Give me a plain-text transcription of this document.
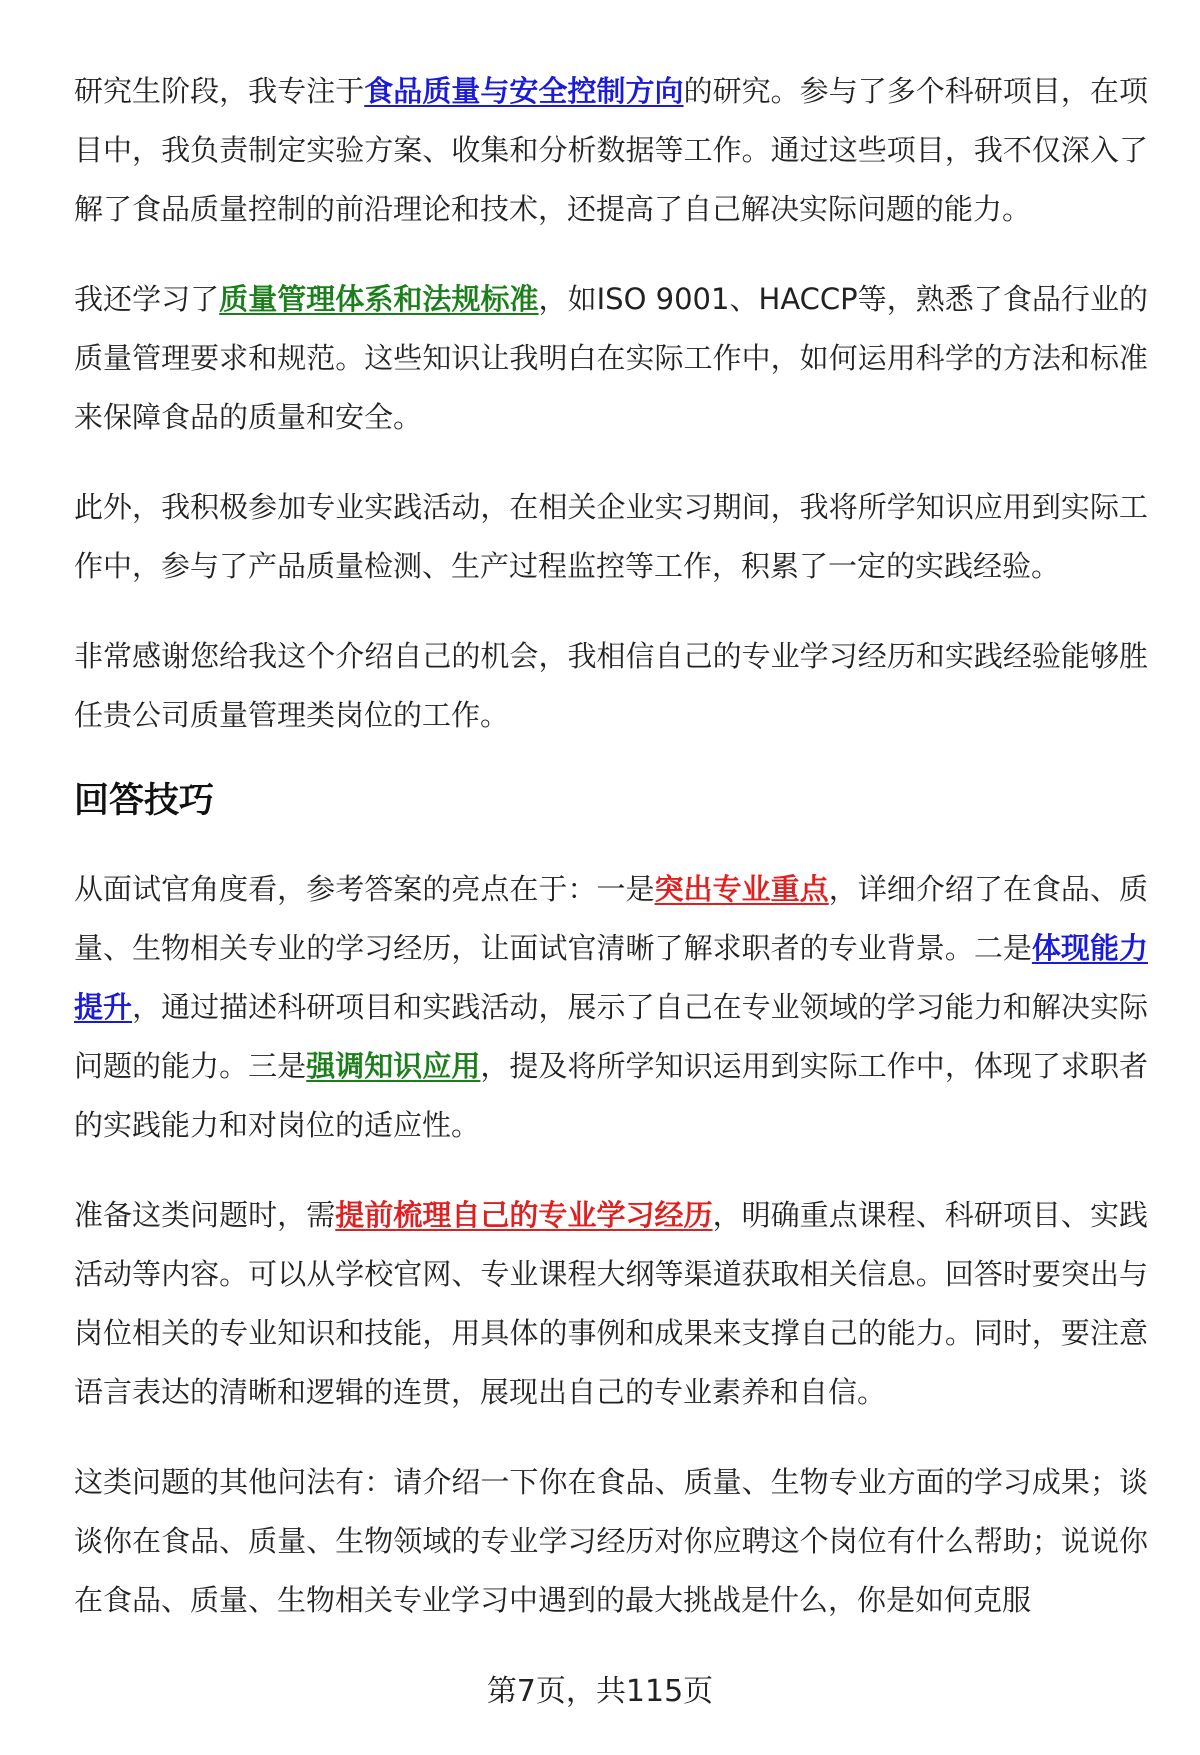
研究生阶段，我专注于食品质量与安全控制方向的研究。参与了多个科研项目，在项目中，我负责制定实验方案、收集和分析数据等工作。通过这些项目，我不仅深入了解了食品质量控制的前沿理论和技术，还提高了自己解决实际问题的能力。

我还学习了质量管理体系和法规标准，如ISO 9001、HACCP等，熟悉了食品行业的质量管理要求和规范。这些知识让我明白在实际工作中，如何运用科学的方法和标准来保障食品的质量和安全。

此外，我积极参加专业实践活动，在相关企业实习期间，我将所学知识应用到实际工作中，参与了产品质量检测、生产过程监控等工作，积累了一定的实践经验。

非常感谢您给我这个介绍自己的机会，我相信自己的专业学习经历和实践经验能够胜任贵公司质量管理类岗位的工作。

回答技巧

从面试官角度看，参考答案的亮点在于：一是突出专业重点，详细介绍了在食品、质量、生物相关专业的学习经历，让面试官清晰了解求职者的专业背景。二是体现能力提升，通过描述科研项目和实践活动，展示了自己在专业领域的学习能力和解决实际问题的能力。三是强调知识应用，提及将所学知识运用到实际工作中，体现了求职者的实践能力和对岗位的适应性。

准备这类问题时，需提前梳理自己的专业学习经历，明确重点课程、科研项目、实践活动等内容。可以从学校官网、专业课程大纲等渠道获取相关信息。回答时要突出与岗位相关的专业知识和技能，用具体的事例和成果来支撑自己的能力。同时，要注意语言表达的清晰和逻辑的连贯，展现出自己的专业素养和自信。

这类问题的其他问法有：请介绍一下你在食品、质量、生物专业方面的学习成果；谈谈你在食品、质量、生物领域的专业学习经历对你应聘这个岗位有什么帮助；说说你在食品、质量、生物相关专业学习中遇到的最大挑战是什么，你是如何克服

第7页，共115页
